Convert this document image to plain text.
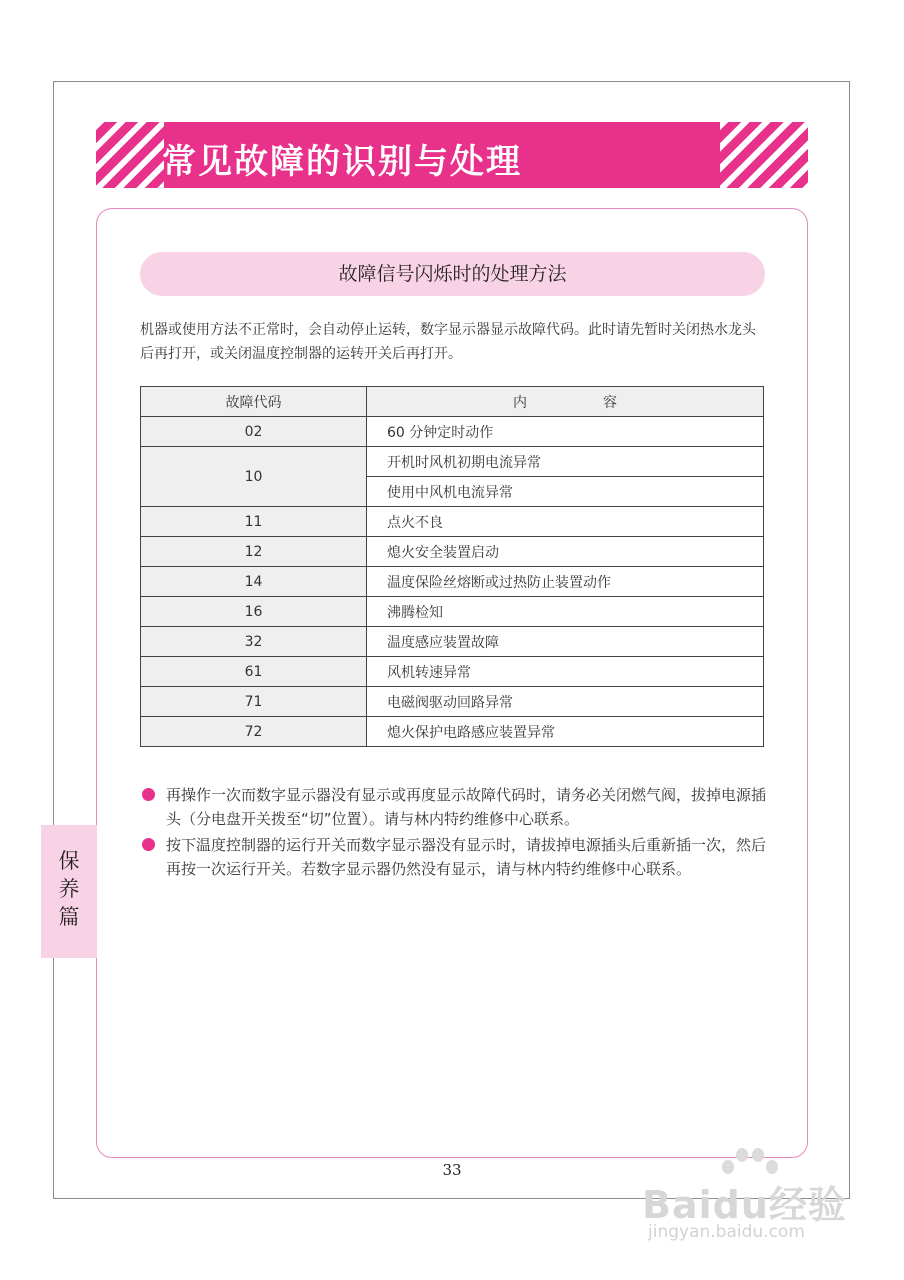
常见故障的识别与处理
故障信号闪烁时的处理方法

机器或使用方法不正常时，会自动停止运转，数字显示器显示故障代码。此时请先暂时关闭热水龙头后再打开，或关闭温度控制器的运转开关后再打开。

故障代码	内 容
02	60 分钟定时动作
10	开机时风机初期电流异常
	使用中风机电流异常
11	点火不良
12	熄火安全装置启动
14	温度保险丝熔断或过热防止装置动作
16	沸腾检知
32	温度感应装置故障
61	风机转速异常
71	电磁阀驱动回路异常
72	熄火保护电路感应装置异常
再操作一次而数字显示器没有显示或再度显示故障代码时，请务必关闭燃气阀，拔掉电源插头（分电盘开关拨至“切”位置）。请与林内特约维修中心联系。
按下温度控制器的运行开关而数字显示器没有显示时，请拔掉电源插头后重新插一次，然后再按一次运行开关。若数字显示器仍然没有显示，请与林内特约维修中心联系。
保
养
篇
33
Baidu经验
jingyan.baidu.com
